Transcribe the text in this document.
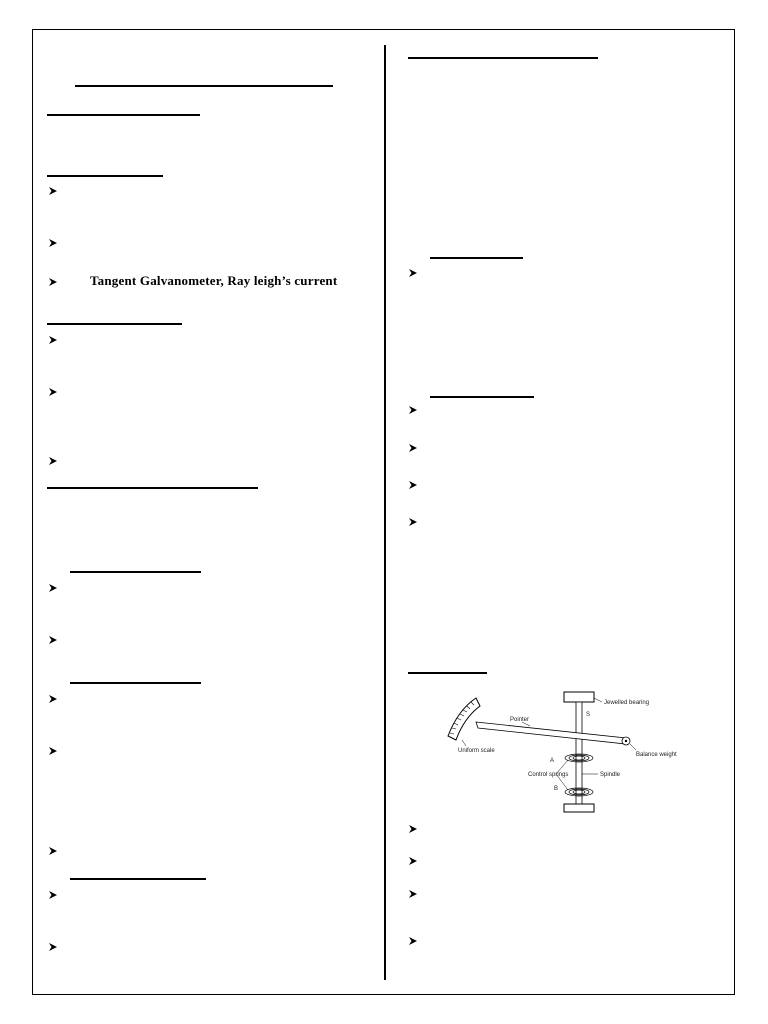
Tangent Galvanometer, Ray leigh’s current
Jewelled bearing
S
Pointer
Uniform scale
Balance weight
A
Control springs	Spindle
B
